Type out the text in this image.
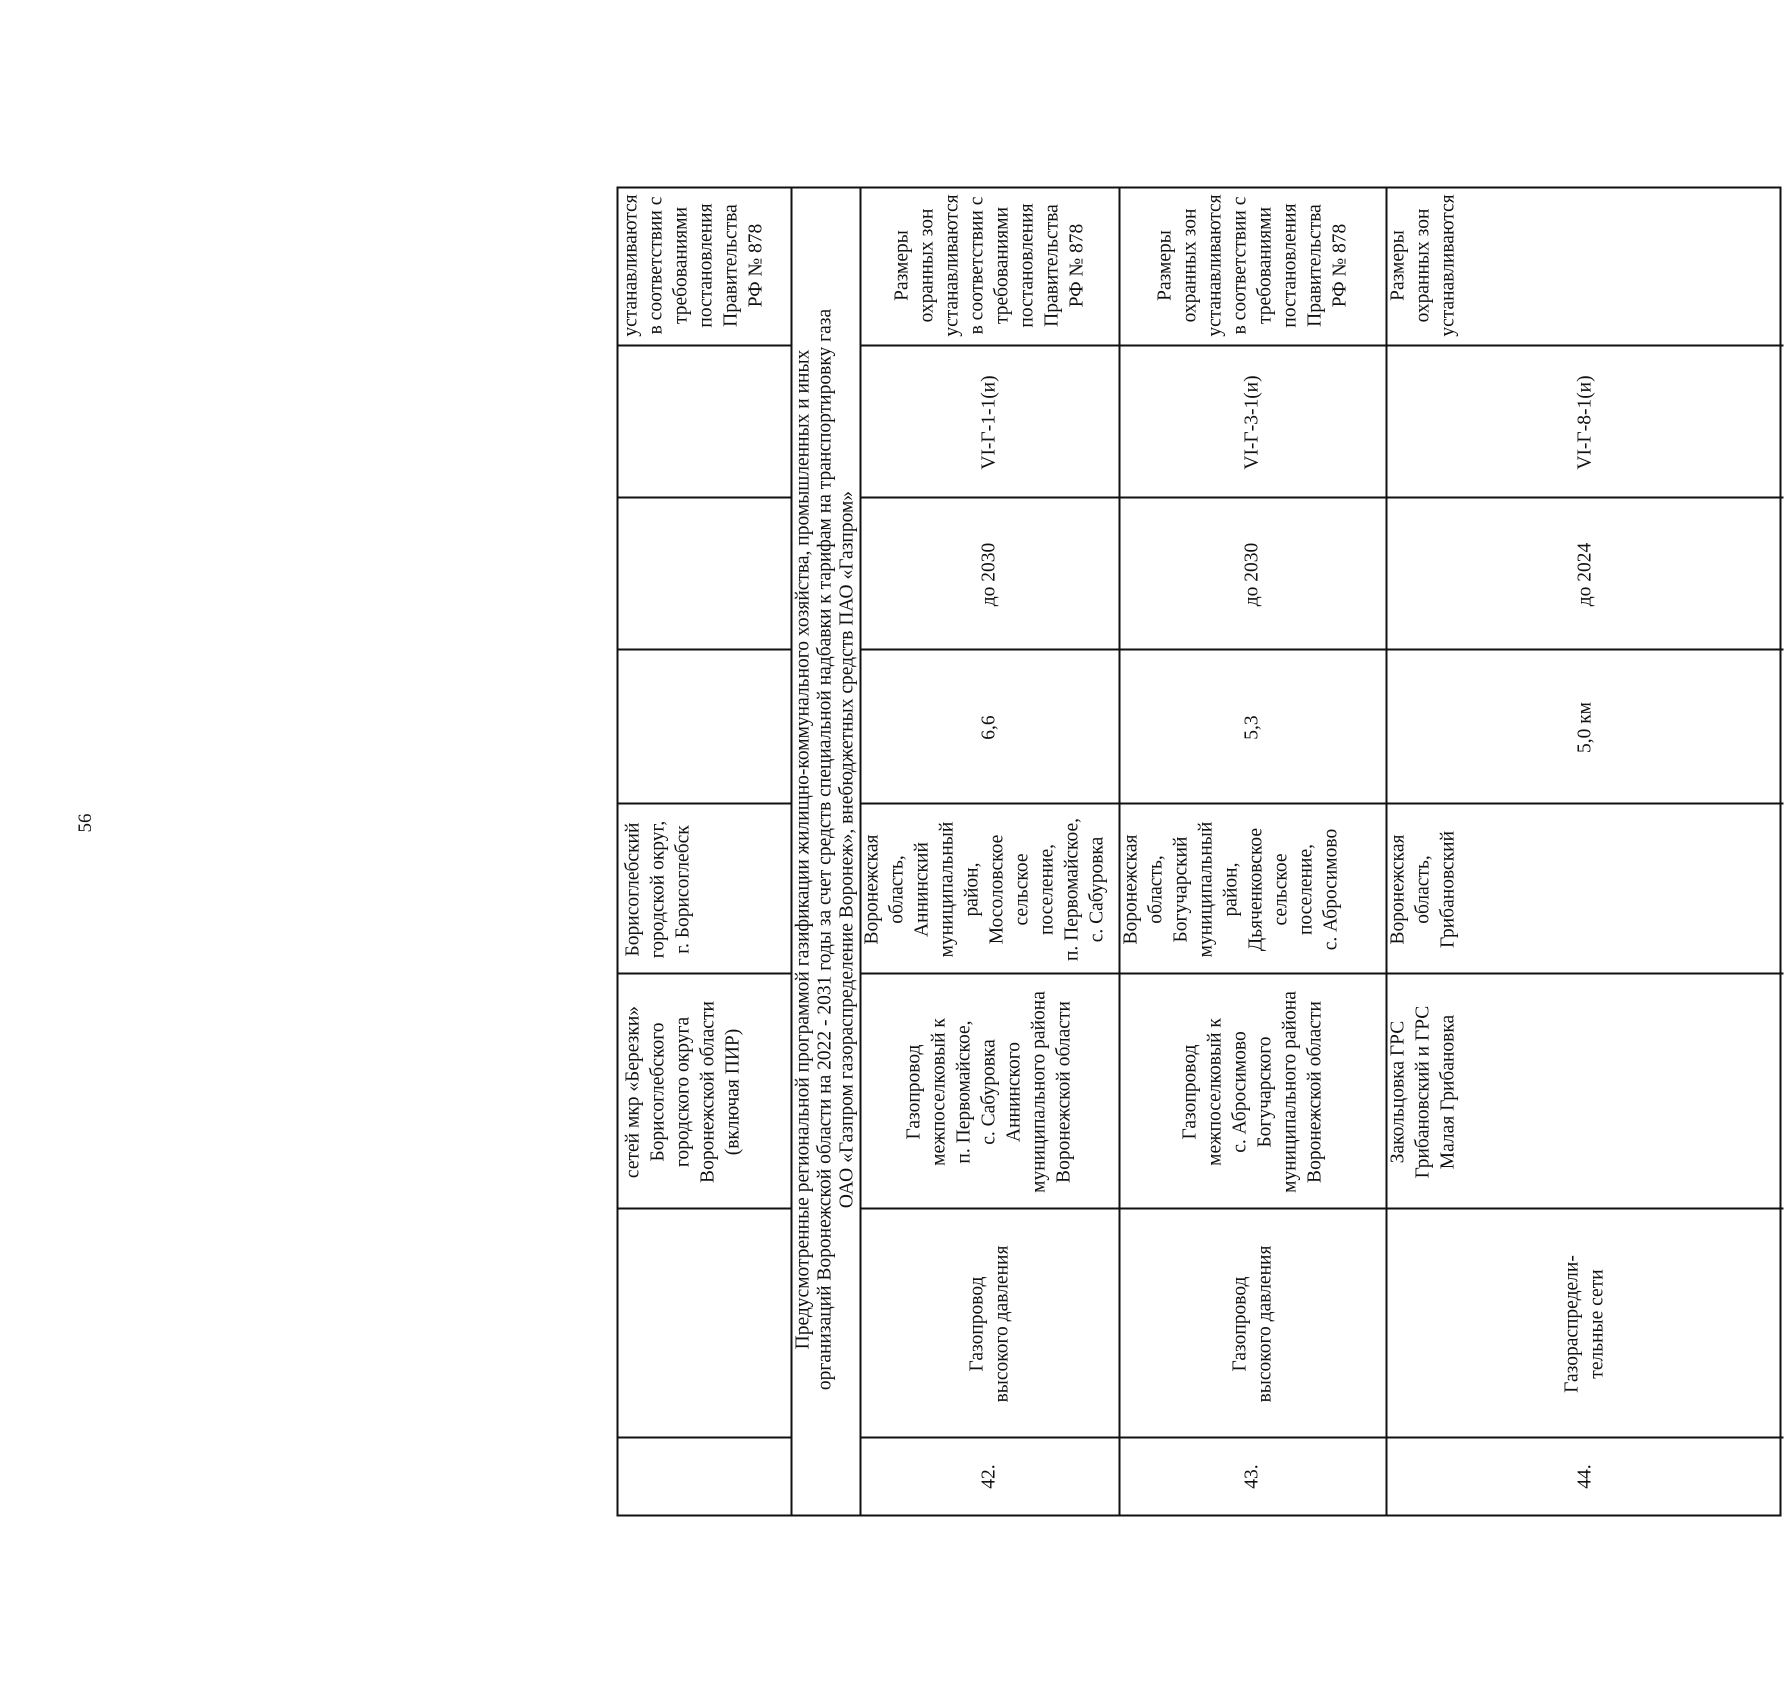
56
сетей мкр «Березки»
Борисоглебского
городского округа
Воронежской области
(включая ПИР)
Борисоглебский
городской округ,
г. Борисоглебск
устанавливаются
в соответствии с
требованиями
постановления
Правительства
РФ № 878
Предусмотренные региональной программой газификации жилищно-коммунального хозяйства, промышленных и иных
организаций Воронежской области на 2022 - 2031 годы за счет средств специальной надбавки к тарифам на транспортировку газа
ОАО «Газпром газораспределение Воронеж», внебюджетных средств ПАО «Газпром»
42.
Газопровод
высокого давления
Газопровод
межпоселковый к
п. Первомайское,
с. Сабуровка
Аннинского
муниципального района
Воронежской области
Воронежская
область,
Аннинский
муниципальный
район,
Мосоловское
сельское поселение,
п. Первомайское,
с. Сабуровка
6,6
до 2030
VI-Г-1-1(и)
Размеры
охранных зон
устанавливаются
в соответствии с
требованиями
постановления
Правительства
РФ № 878
43.
Газопровод
высокого давления
Газопровод
межпоселковый к
с. Абросимово
Богучарского
муниципального района
Воронежской области
Воронежская
область,
Богучарский
муниципальный
район,
Дьяченковское
сельское поселение,
с. Абросимово
5,3
до 2030
VI-Г-3-1(и)
Размеры
охранных зон
устанавливаются
в соответствии с
требованиями
постановления
Правительства
РФ № 878
44.
Газораспредели-
тельные сети
Закольцовка ГРС
Грибановский и ГРС
Малая Грибановка
Воронежская
область,
Грибановский
5,0 км
до 2024
VI-Г-8-1(и)
Размеры
охранных зон
устанавливаются
